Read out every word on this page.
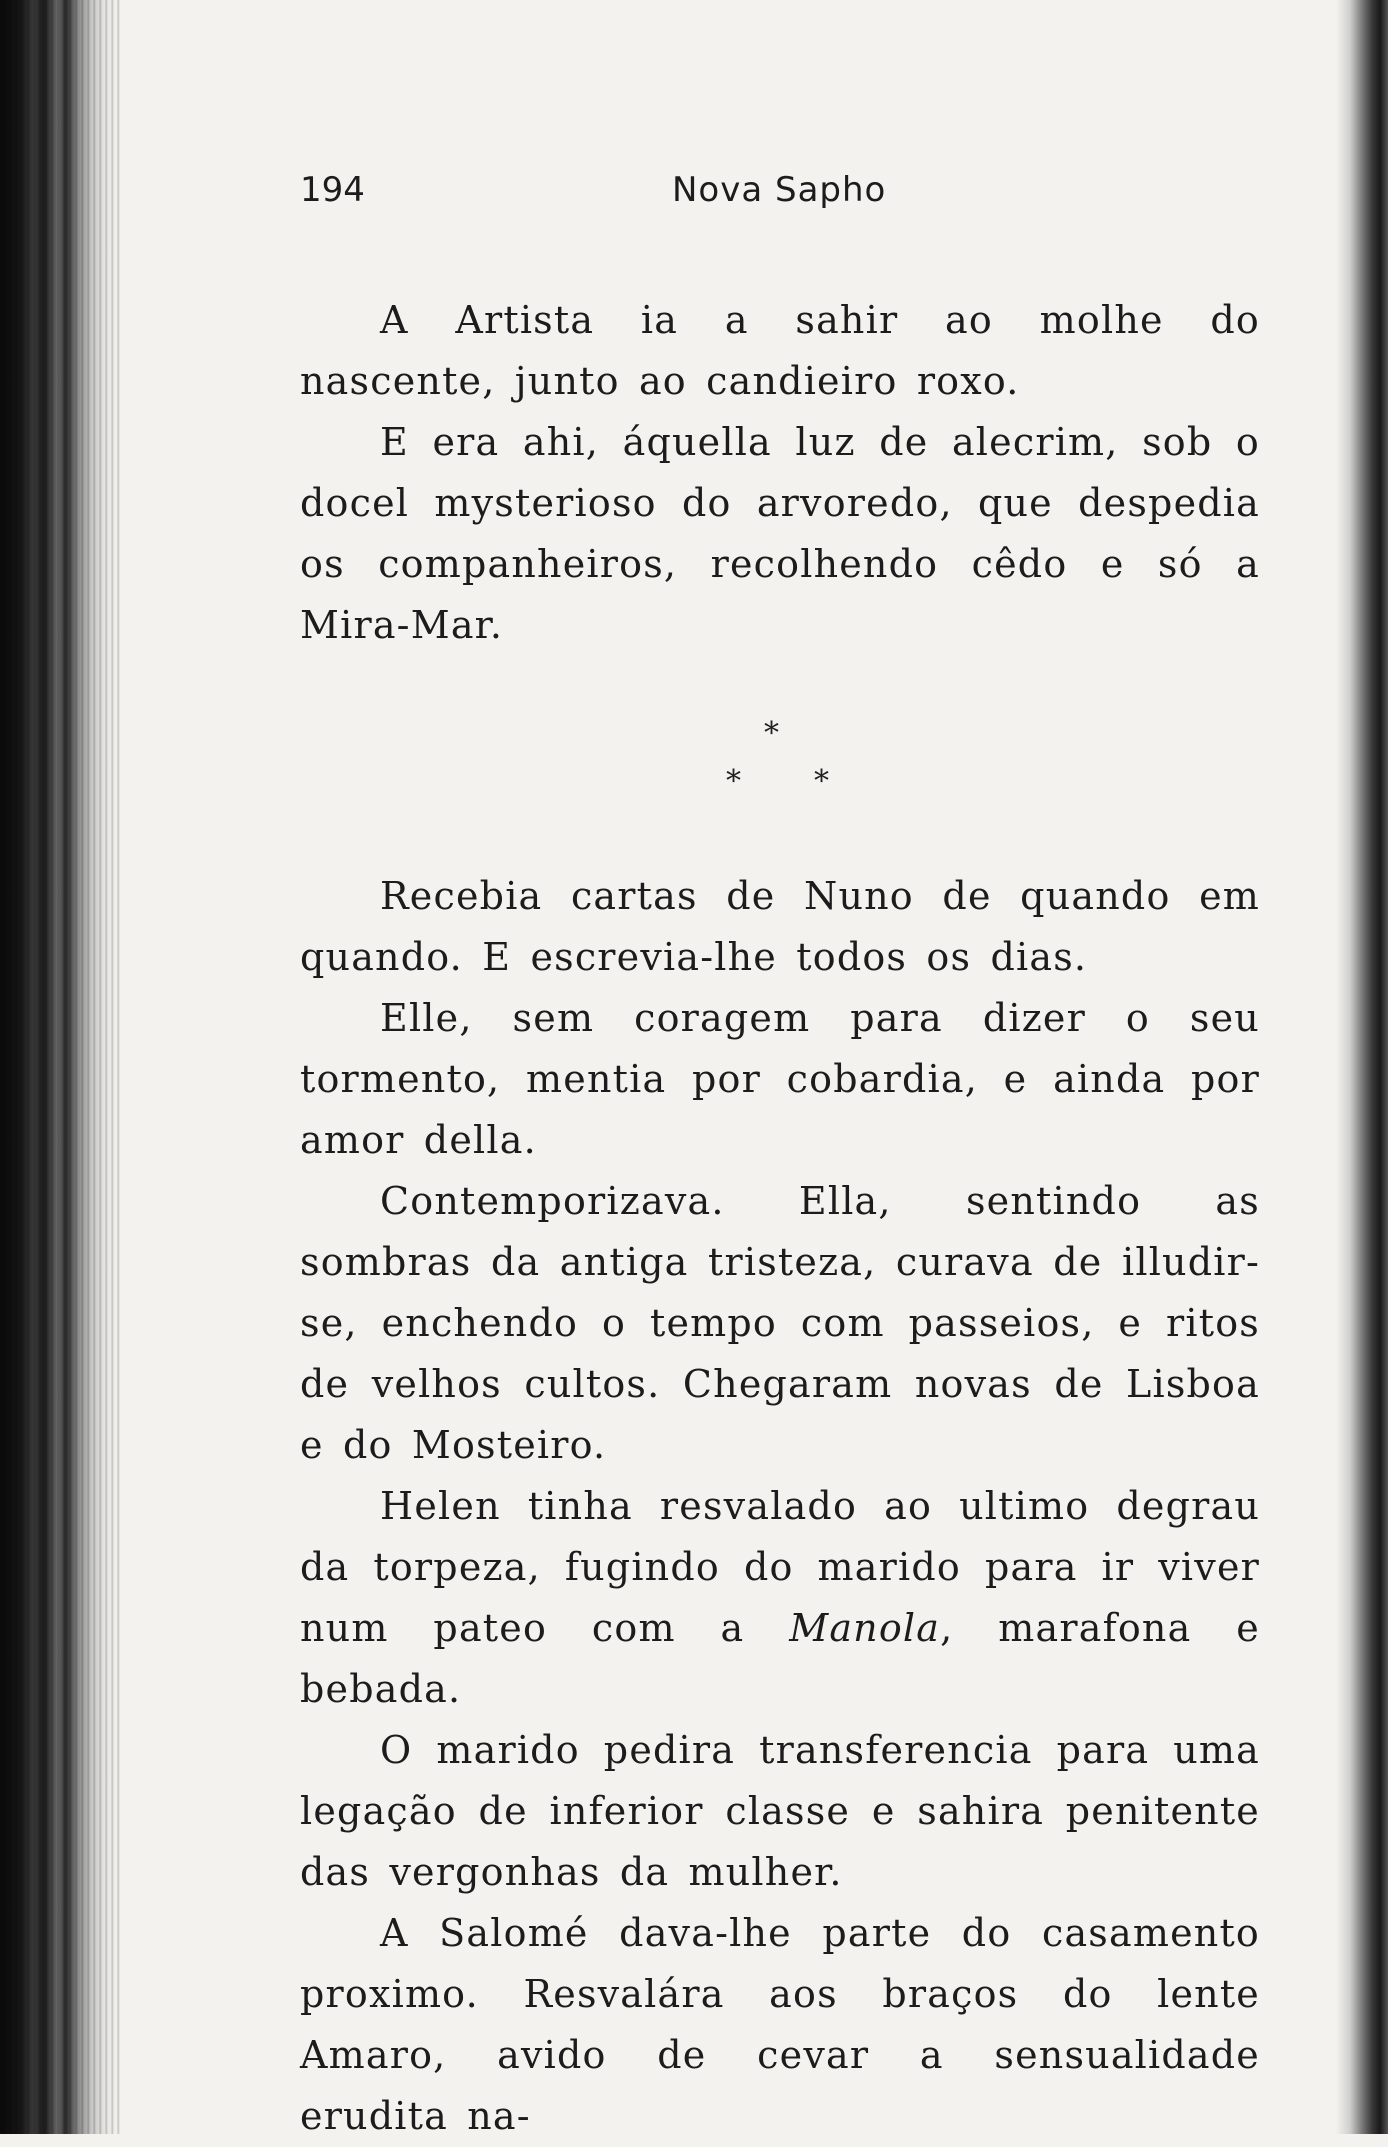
194	Nova Sapho

A Artista ia a sahir ao molhe do nascente, junto ao candieiro roxo.

E era ahi, áquella luz de alecrim, sob o docel mysterioso do arvoredo, que despedia os companheiros, recolhendo cêdo e só a Mira-Mar.

*
* *

Recebia cartas de Nuno de quando em quando. E escrevia-lhe todos os dias.

Elle, sem coragem para dizer o seu tormento, mentia por cobardia, e ainda por amor della.

Contemporizava. Ella, sentindo as sombras da antiga tristeza, curava de illudir-se, enchendo o tempo com passeios, e ritos de velhos cultos. Chegaram novas de Lisboa e do Mosteiro.

Helen tinha resvalado ao ultimo degrau da torpeza, fugindo do marido para ir viver num pateo com a Manola, marafona e bebada.

O marido pedira transferencia para uma legação de inferior classe e sahira penitente das vergonhas da mulher.

A Salomé dava-lhe parte do casamento proximo. Resvalára aos braços do lente Amaro, avido de cevar a sensualidade erudita na-
